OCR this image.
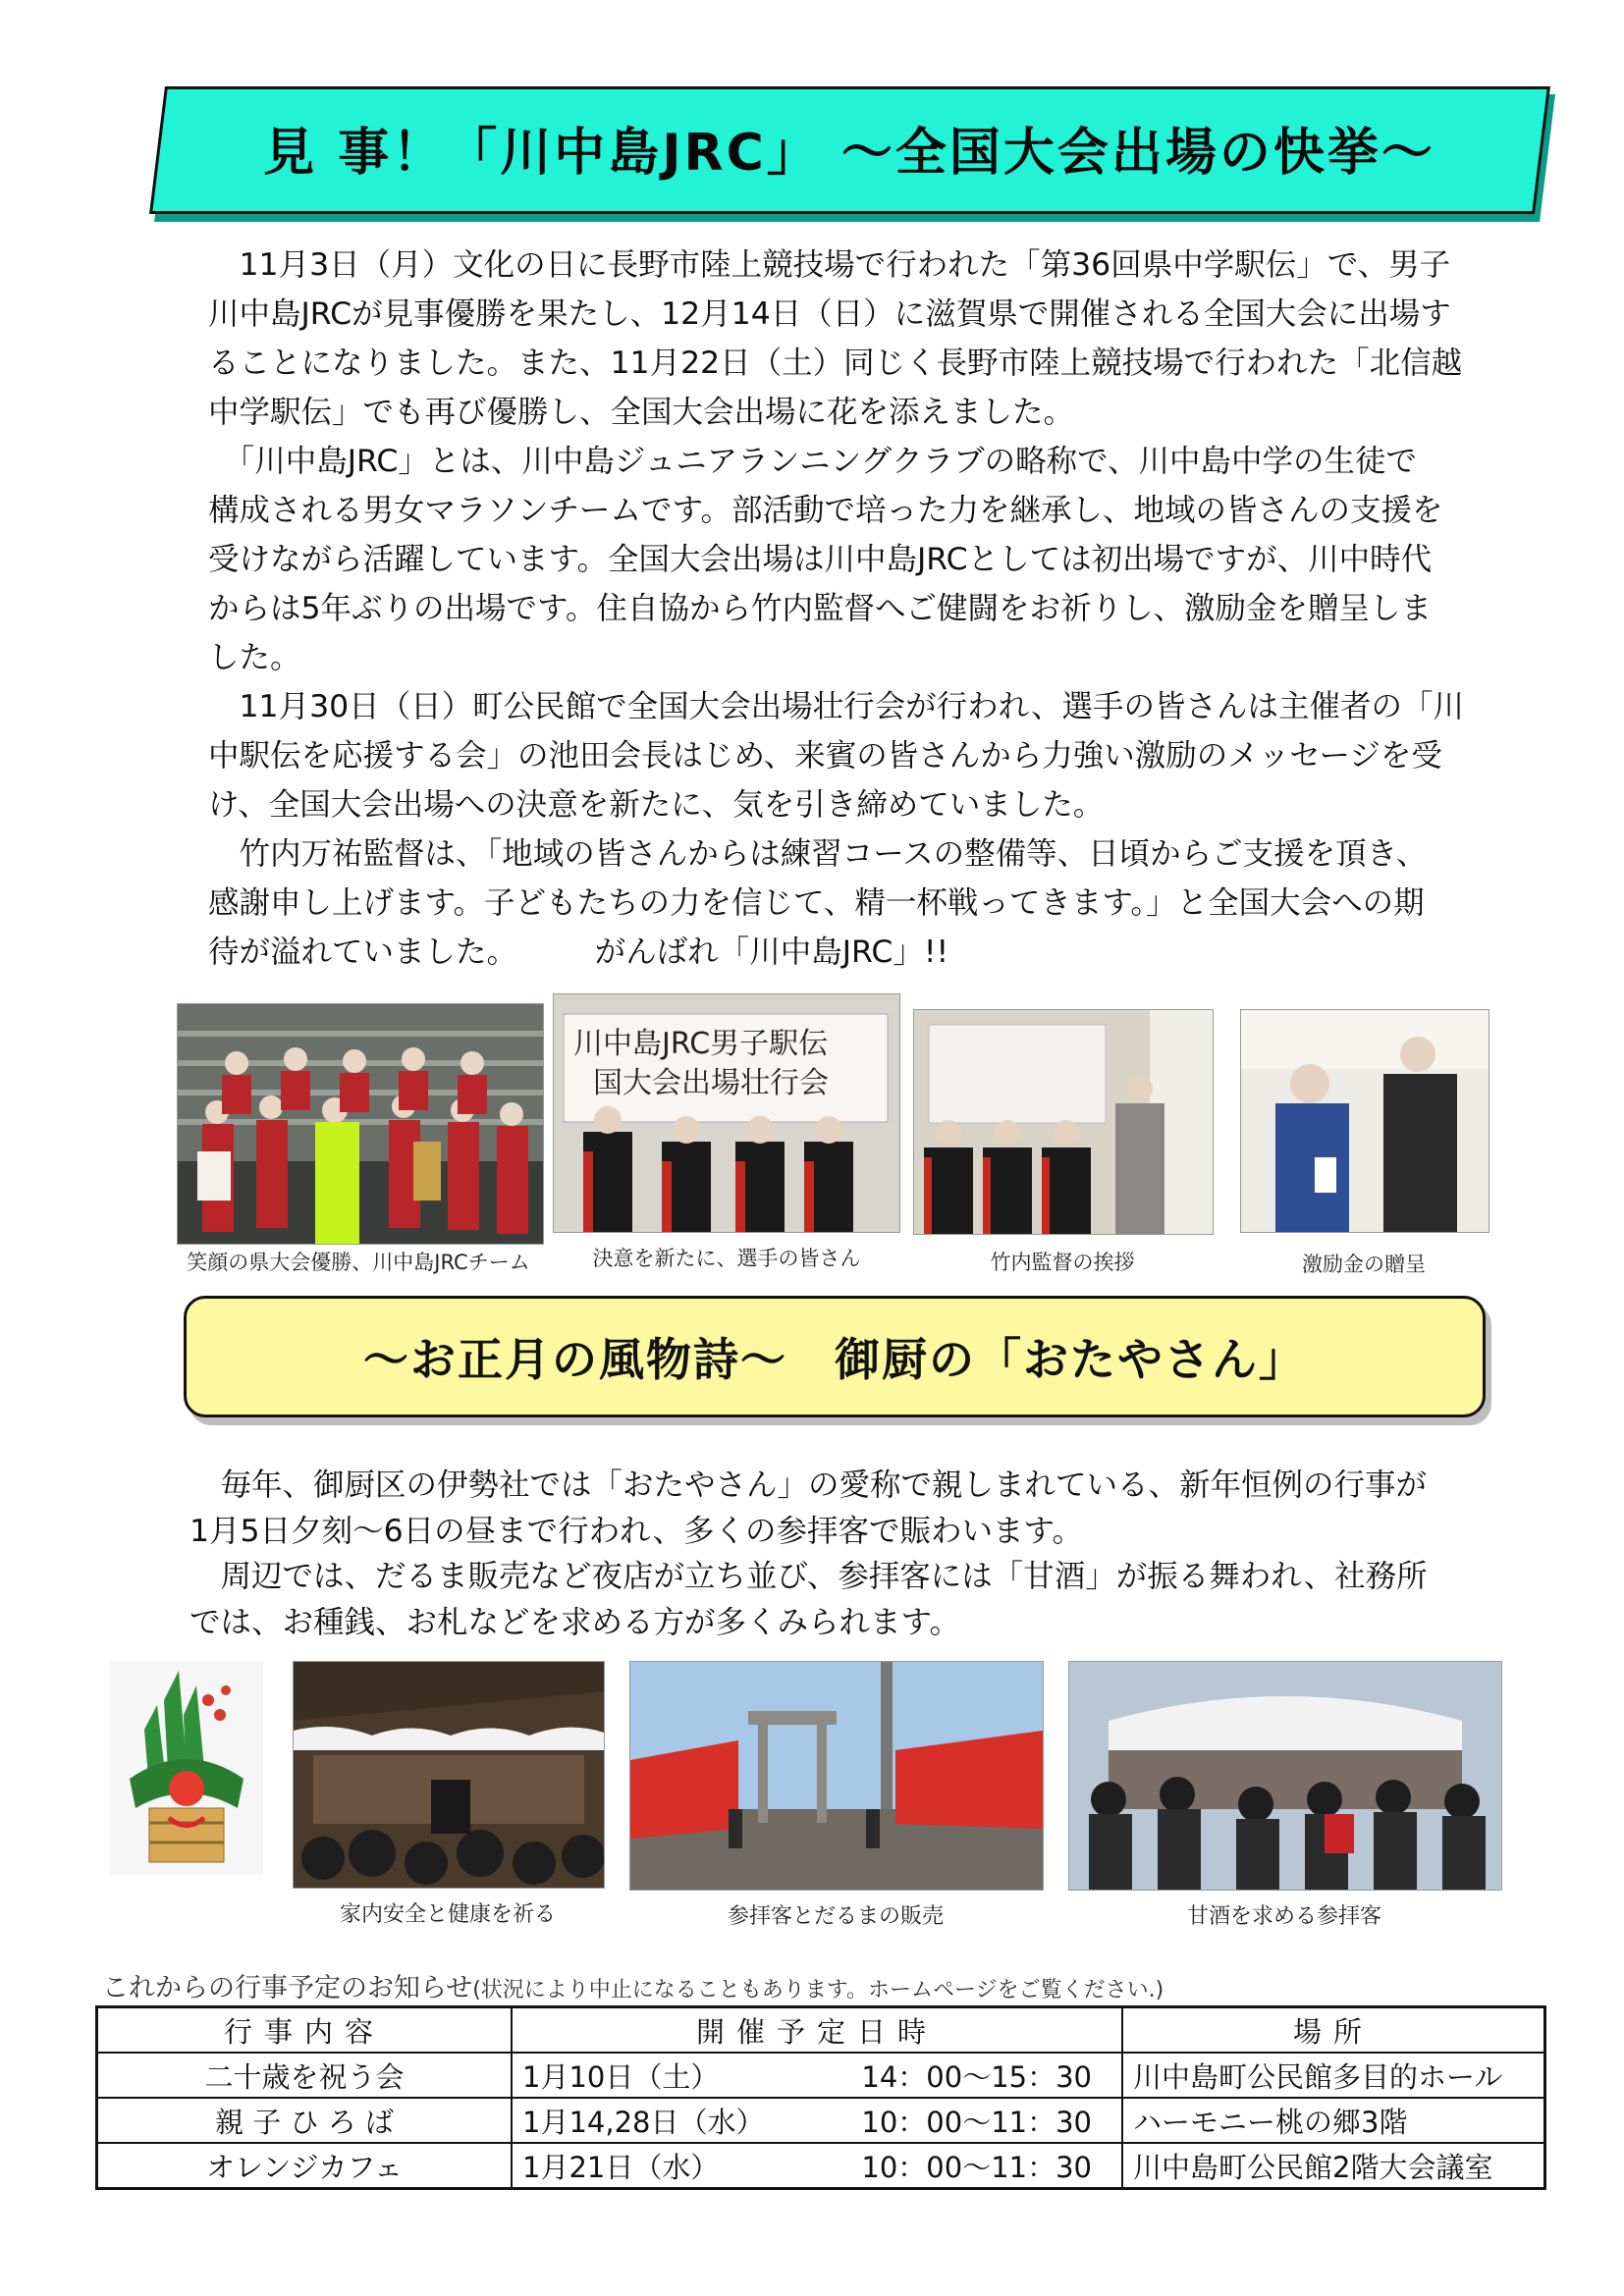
見 事！「川中島JRC」 ～全国大会出場の快挙～

　11月3日（月）文化の日に長野市陸上競技場で行われた「第36回県中学駅伝」で、男子
川中島JRCが見事優勝を果たし、12月14日（日）に滋賀県で開催される全国大会に出場す
ることになりました。また、11月22日（土）同じく長野市陸上競技場で行われた「北信越
中学駅伝」でも再び優勝し、全国大会出場に花を添えました。

　「川中島JRC」とは、川中島ジュニアランニングクラブの略称で、川中島中学の生徒で
構成される男女マラソンチームです。部活動で培った力を継承し、地域の皆さんの支援を
受けながら活躍しています。全国大会出場は川中島JRCとしては初出場ですが、川中時代
からは5年ぶりの出場です。住自協から竹内監督へご健闘をお祈りし、激励金を贈呈しま
した。

　11月30日（日）町公民館で全国大会出場壮行会が行われ、選手の皆さんは主催者の「川
中駅伝を応援する会」の池田会長はじめ、来賓の皆さんから力強い激励のメッセージを受
け、全国大会出場への決意を新たに、気を引き締めていました。

　竹内万祐監督は、「地域の皆さんからは練習コースの整備等、日頃からご支援を頂き、
感謝申し上げます。子どもたちの力を信じて、精一杯戦ってきます。」と全国大会への期
待が溢れていました。　　　がんばれ「川中島JRC」!!

川中島JRC男子駅伝
国大会出場壮行会
笑顔の県大会優勝、川中島JRCチーム	決意を新たに、選手の皆さん	竹内監督の挨拶	激励金の贈呈
～お正月の風物詩～　御厨の「おたやさん」

　毎年、御厨区の伊勢社では「おたやさん」の愛称で親しまれている、新年恒例の行事が
1月5日夕刻～6日の昼まで行われ、多くの参拝客で賑わいます。

　周辺では、だるま販売など夜店が立ち並び、参拝客には「甘酒」が振る舞われ、社務所
では、お種銭、お札などを求める方が多くみられます。

家内安全と健康を祈る	参拝客とだるまの販売	甘酒を求める参拝客
これからの行事予定のお知らせ(状況により中止になることもあります。ホームページをご覧ください.)
行事内容	開催予定日時	場所
二十歳を祝う会	1月10日（土） 14：00～15：30	川中島町公民館多目的ホール
親 子 ひ ろ ば	1月14,28日（水） 10：00～11：30	ハーモニー桃の郷3階
オレンジカフェ	1月21日（水） 10：00～11：30	川中島町公民館2階大会議室
